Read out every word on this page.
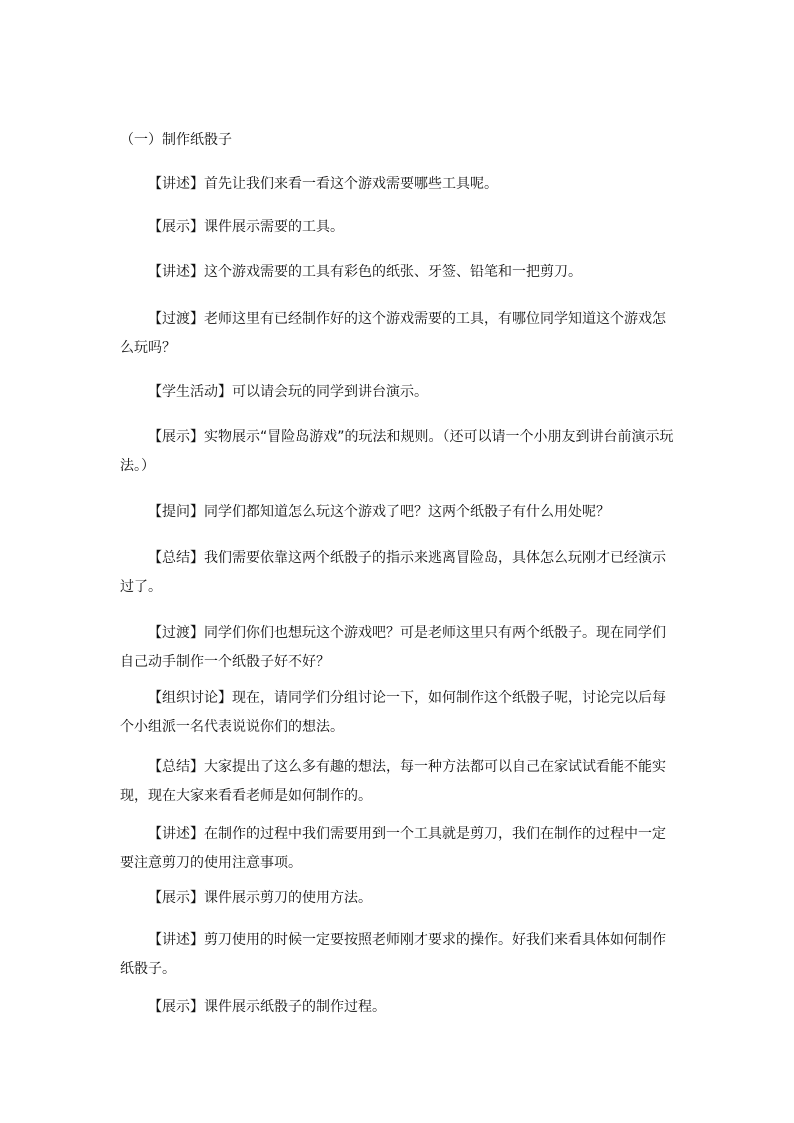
（一）制作纸骰子

【讲述】首先让我们来看一看这个游戏需要哪些工具呢。

【展示】课件展示需要的工具。

【讲述】这个游戏需要的工具有彩色的纸张、牙签、铅笔和一把剪刀。

【过渡】老师这里有已经制作好的这个游戏需要的工具，有哪位同学知道这个游戏怎么玩吗？

【学生活动】可以请会玩的同学到讲台演示。

【展示】实物展示“冒险岛游戏”的玩法和规则。（还可以请一个小朋友到讲台前演示玩法。）

【提问】同学们都知道怎么玩这个游戏了吧？这两个纸骰子有什么用处呢？

【总结】我们需要依靠这两个纸骰子的指示来逃离冒险岛，具体怎么玩刚才已经演示过了。

【过渡】同学们你们也想玩这个游戏吧？可是老师这里只有两个纸骰子。现在同学们自己动手制作一个纸骰子好不好？

【组织讨论】现在，请同学们分组讨论一下，如何制作这个纸骰子呢，讨论完以后每个小组派一名代表说说你们的想法。

【总结】大家提出了这么多有趣的想法，每一种方法都可以自己在家试试看能不能实现，现在大家来看看老师是如何制作的。

【讲述】在制作的过程中我们需要用到一个工具就是剪刀，我们在制作的过程中一定要注意剪刀的使用注意事项。

【展示】课件展示剪刀的使用方法。

【讲述】剪刀使用的时候一定要按照老师刚才要求的操作。好我们来看具体如何制作纸骰子。

【展示】课件展示纸骰子的制作过程。
